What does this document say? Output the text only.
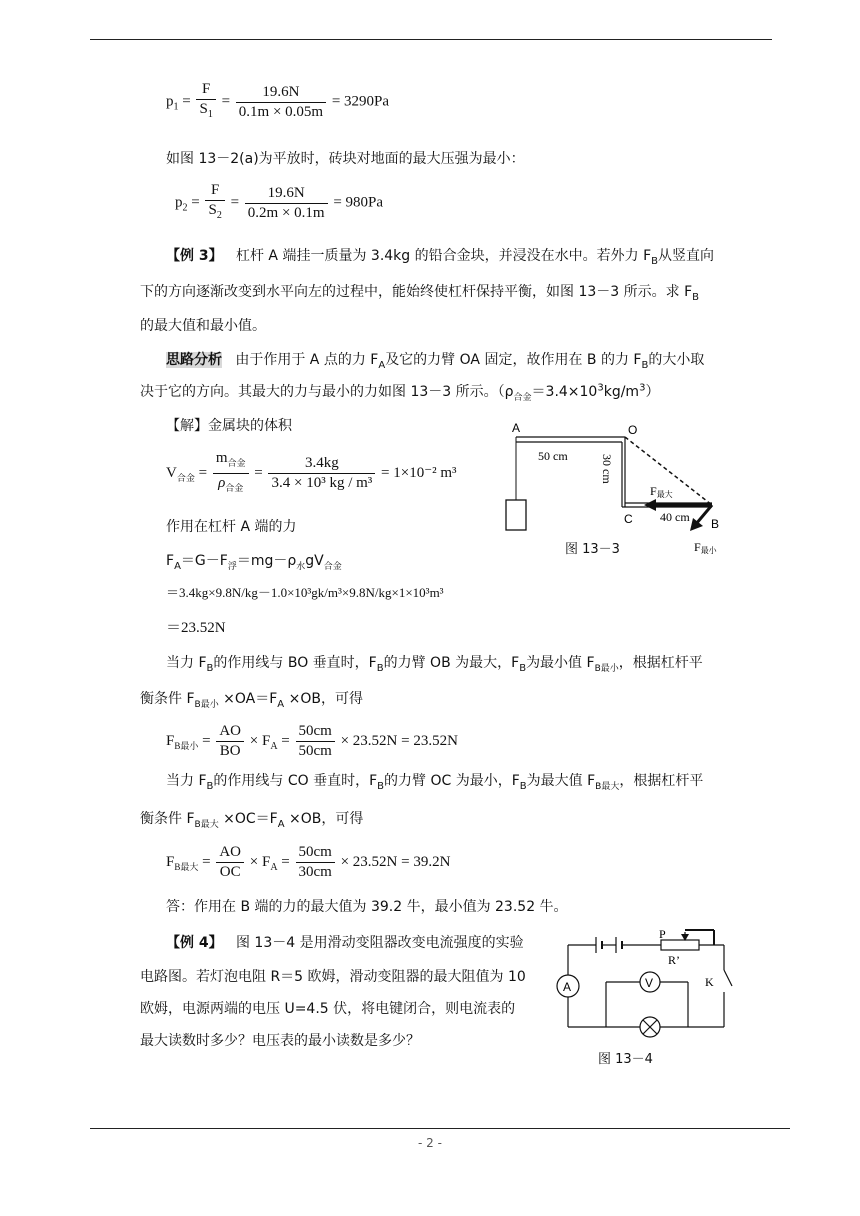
$p_1 = \frac{F}{S_1} = \frac{19.6N}{0.1m \times 0.05m} = 3290Pa$
如图 13－2(a)为平放时，砖块对地面的最大压强为最小：
$p_2 = \frac{F}{S_2} = \frac{19.6N}{0.2m \times 0.1m} = 980Pa$
【例 3】 杠杆 A 端挂一质量为 3.4kg 的铅合金块，并浸没在水中。若外力 $F_B$从竖直向
下的方向逐渐改变到水平向左的过程中，能始终使杠杆保持平衡，如图 13－3 所示。求 $F_B$
的最大值和最小值。
思路分析 由于作用于 A 点的力 $F_A$及它的力臂 OA 固定，故作用在 B 的力 $F_B$的大小取
决于它的方向。其最大的力与最小的力如图 13－3 所示。$(\rho_{合金}=3.4\times 10^3kg/m^3)$
【解】金属块的体积
$V_{合金} = \frac{m_{合金}}{\rho_{合金}} = \frac{3.4kg}{\text{3.4 × 10³ kg / m³}} = 1\times 10^{-2}$ m³
作用在杠杆 A 端的力
$F_A=G-F_浮=mg-\rho_水gV_{合金}$
＝3.4kg×9.8N/kg－1.0×10³gk/m³×9.8N/kg×1×10³m³
＝23.52N
当力 $F_B$的作用线与 BO 垂直时，$F_B$的力臂 OB 为最大，$F_B$为最小值 $F_{B最小}$，根据杠杆平
衡条件 $F_{B最小} \times OA=F_A \times OB$，可得
$F_{B最小} = \frac{AO}{BO} \times F_A = \frac{50cm}{50cm} \times 23.52N = 23.52N$
当力 $F_B$的作用线与 CO 垂直时，$F_B$的力臂 OC 为最小，$F_B$为最大值 $F_{B最大}$，根据杠杆平
衡条件 $F_{B最大} \times OC=F_A \times OB$，可得
$F_{B最大} = \frac{AO}{OC} \times F_A = \frac{50cm}{30cm} \times 23.52N = 39.2N$
答：作用在 B 端的力的最大值为 39.2 牛，最小值为 23.52 牛。
A	O
C	B
50 cm	30 cm
40 cm
F最大
F最小
图 13－3
【例 4】 图 13－4 是用滑动变阻器改变电流强度的实验
电路图。若灯泡电阻 R＝5 欧姆，滑动变阻器的最大阻值为 10
欧姆，电源两端的电压 U=4.5 伏，将电键闭合，则电流表的
最大读数时多少？电压表的最小读数是多少？
P
R’
K
A	V
图 13－4
- 2 -
